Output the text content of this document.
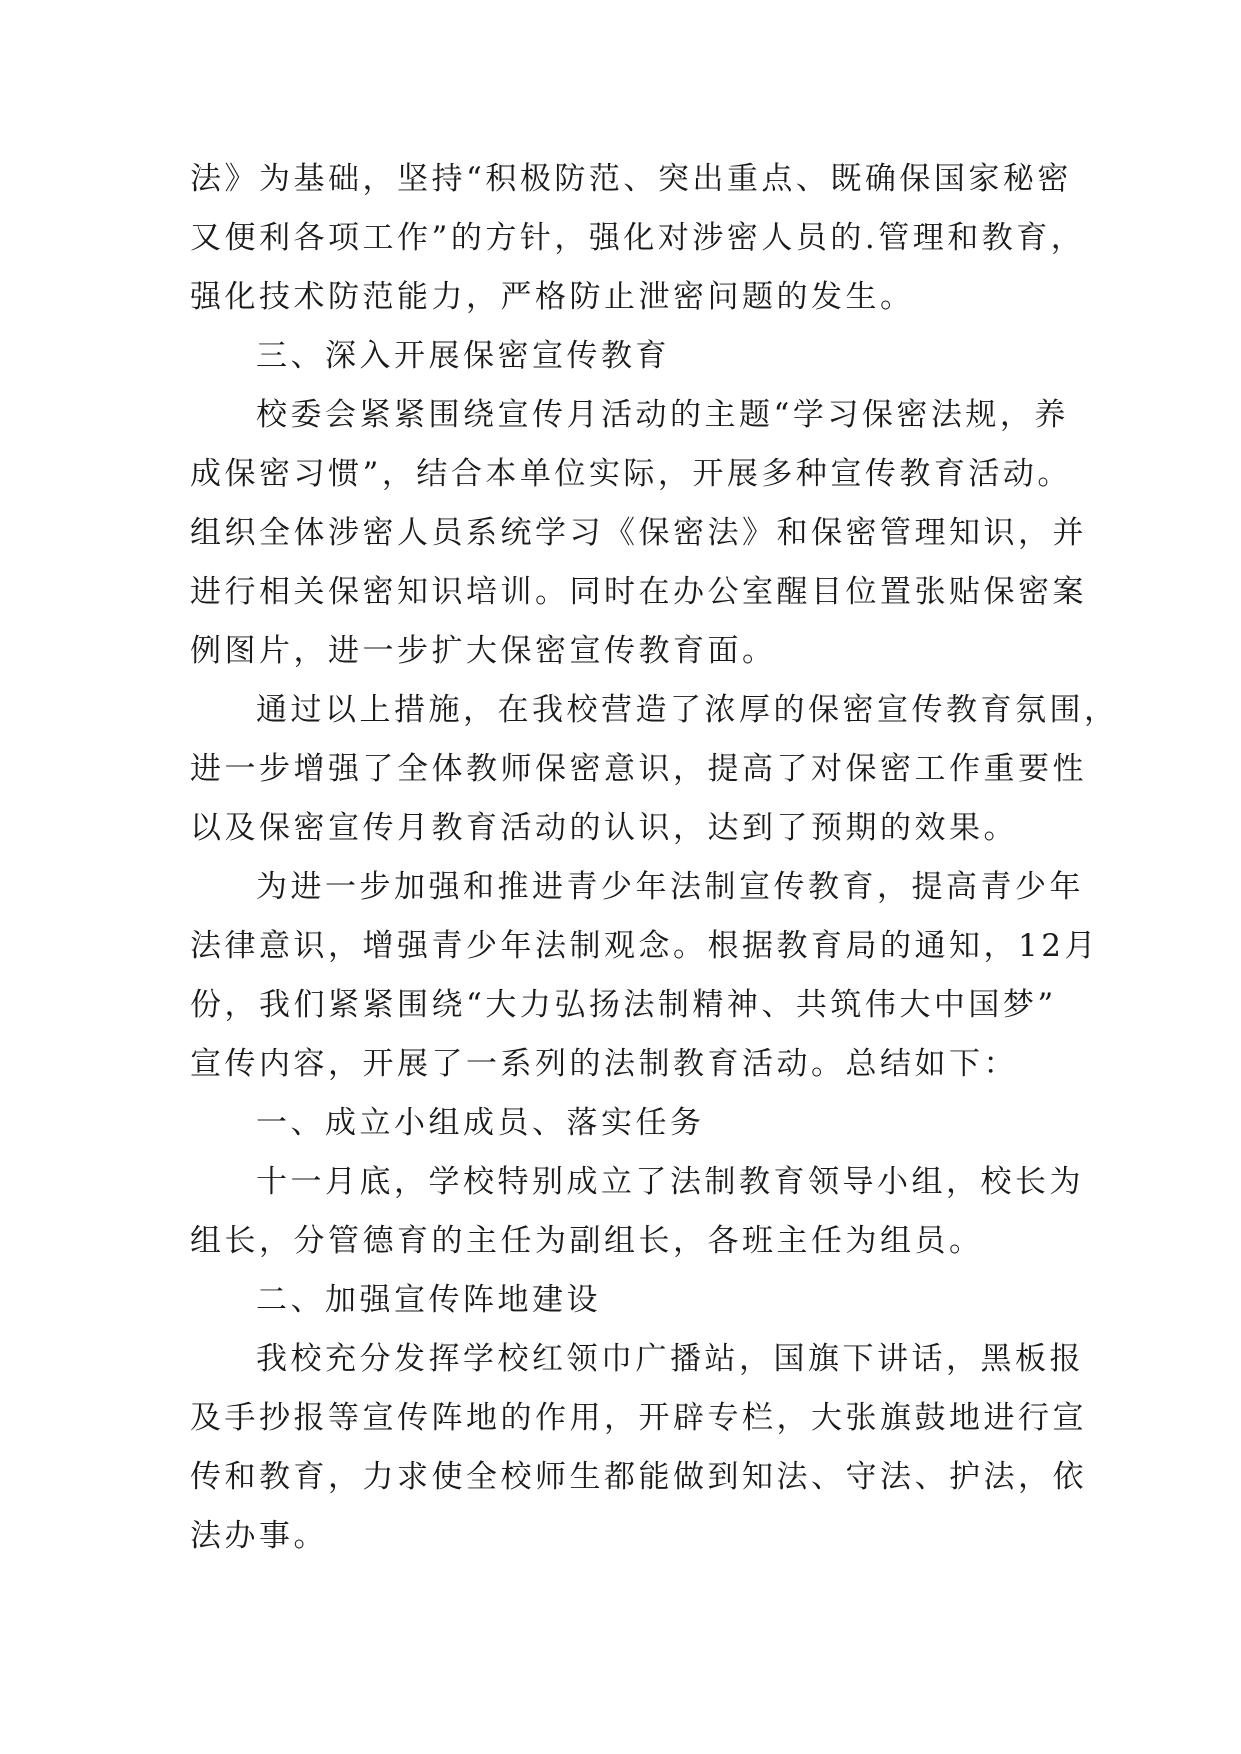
法》为基础，坚持“积极防范、突出重点、既确保国家秘密
又便利各项工作”的方针，强化对涉密人员的.管理和教育，
强化技术防范能力，严格防止泄密问题的发生。
三、深入开展保密宣传教育
校委会紧紧围绕宣传月活动的主题“学习保密法规，养
成保密习惯”，结合本单位实际，开展多种宣传教育活动。
组织全体涉密人员系统学习《保密法》和保密管理知识，并
进行相关保密知识培训。同时在办公室醒目位置张贴保密案
例图片，进一步扩大保密宣传教育面。
通过以上措施，在我校营造了浓厚的保密宣传教育氛围，
进一步增强了全体教师保密意识，提高了对保密工作重要性
以及保密宣传月教育活动的认识，达到了预期的效果。
为进一步加强和推进青少年法制宣传教育，提高青少年
法律意识，增强青少年法制观念。根据教育局的通知，12月
份，我们紧紧围绕“大力弘扬法制精神、共筑伟大中国梦”
宣传内容，开展了一系列的法制教育活动。总结如下：
一、成立小组成员、落实任务
十一月底，学校特别成立了法制教育领导小组，校长为
组长，分管德育的主任为副组长，各班主任为组员。
二、加强宣传阵地建设
我校充分发挥学校红领巾广播站，国旗下讲话，黑板报
及手抄报等宣传阵地的作用，开辟专栏，大张旗鼓地进行宣
传和教育，力求使全校师生都能做到知法、守法、护法，依
法办事。
